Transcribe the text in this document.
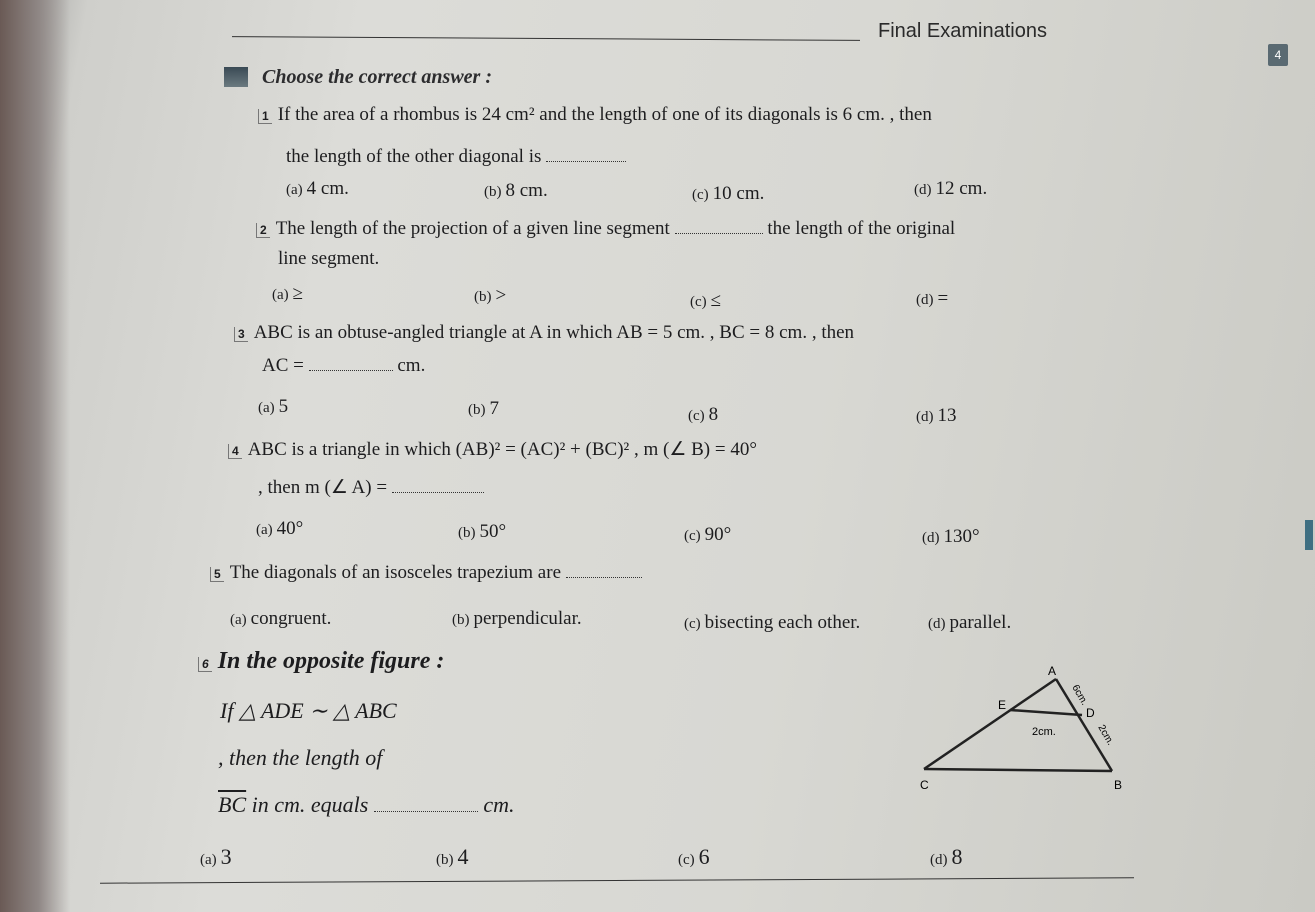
Final Examinations
4
Choose the correct answer :
1 If the area of a rhombus is 24 cm² and the length of one of its diagonals is 6 cm. , then
the length of the other diagonal is
(a) 4 cm.	(b) 8 cm.	(c) 10 cm.	(d) 12 cm.
2 The length of the projection of a given line segment	the length of the original
line segment.
(a) ≥	(b) >	(c) ≤	(d) =
3 ABC is an obtuse-angled triangle at A in which AB = 5 cm. , BC = 8 cm. , then
AC =	cm.
(a) 5	(b) 7	(c) 8	(d) 13
4 ABC is a triangle in which (AB)² = (AC)² + (BC)² , m (∠ B) = 40°
, then m (∠ A) =
(a) 40°	(b) 50°	(c) 90°	(d) 130°
5 The diagonals of an isosceles trapezium are
(a) congruent.	(b) perpendicular.	(c) bisecting each other.	(d) parallel.
6 In the opposite figure :
If △ ADE ∼ △ ABC
, then the length of
$\overline{BC}$ in cm. equals	cm.
(a) 3	(b) 4	(c) 6	(d) 8
A
E
D
C	B
6cm.
2cm.	2cm.
